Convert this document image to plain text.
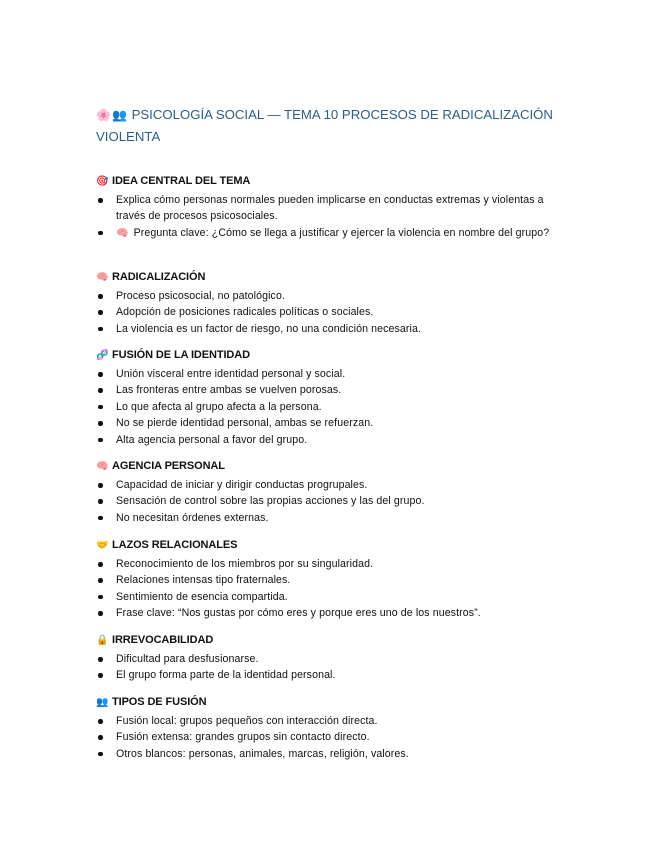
🌸👥 PSICOLOGÍA SOCIAL — TEMA 10 PROCESOS DE RADICALIZACIÓN VIOLENTA
🎯 IDEA CENTRAL DEL TEMA
Explica cómo personas normales pueden implicarse en conductas extremas y violentas a través de procesos psicosociales.
🧠 Pregunta clave: ¿Cómo se llega a justificar y ejercer la violencia en nombre del grupo?
🧠 RADICALIZACIÓN
Proceso psicosocial, no patológico.
Adopción de posiciones radicales políticas o sociales.
La violencia es un factor de riesgo, no una condición necesaria.
🧬 FUSIÓN DE LA IDENTIDAD
Unión visceral entre identidad personal y social.
Las fronteras entre ambas se vuelven porosas.
Lo que afecta al grupo afecta a la persona.
No se pierde identidad personal, ambas se refuerzan.
Alta agencia personal a favor del grupo.
🧠 AGENCIA PERSONAL
Capacidad de iniciar y dirigir conductas progrupales.
Sensación de control sobre las propias acciones y las del grupo.
No necesitan órdenes externas.
🤝 LAZOS RELACIONALES
Reconocimiento de los miembros por su singularidad.
Relaciones intensas tipo fraternales.
Sentimiento de esencia compartida.
Frase clave: “Nos gustas por cómo eres y porque eres uno de los nuestros”.
🔒 IRREVOCABILIDAD
Dificultad para desfusionarse.
El grupo forma parte de la identidad personal.
👥 TIPOS DE FUSIÓN
Fusión local: grupos pequeños con interacción directa.
Fusión extensa: grandes grupos sin contacto directo.
Otros blancos: personas, animales, marcas, religión, valores.
